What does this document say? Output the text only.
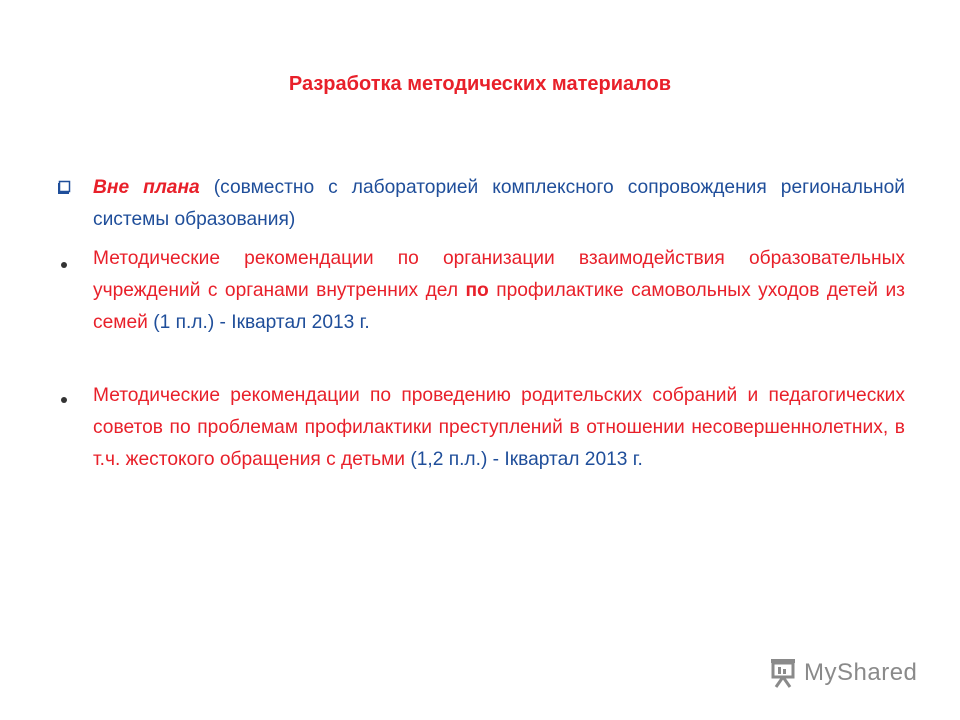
Разработка методических материалов
Вне плана (совместно с лабораторией комплексного сопровождения региональной системы образования)
Методические рекомендации по организации взаимодействия образовательных учреждений с органами внутренних дел по профилактике самовольных уходов детей из семей (1 п.л.) - Iквартал 2013 г.
Методические рекомендации по проведению родительских собраний и педагогических советов по проблемам профилактики преступлений в отношении несовершеннолетних, в т.ч. жестокого обращения с детьми (1,2 п.л.) - Iквартал 2013 г.
MyShared
